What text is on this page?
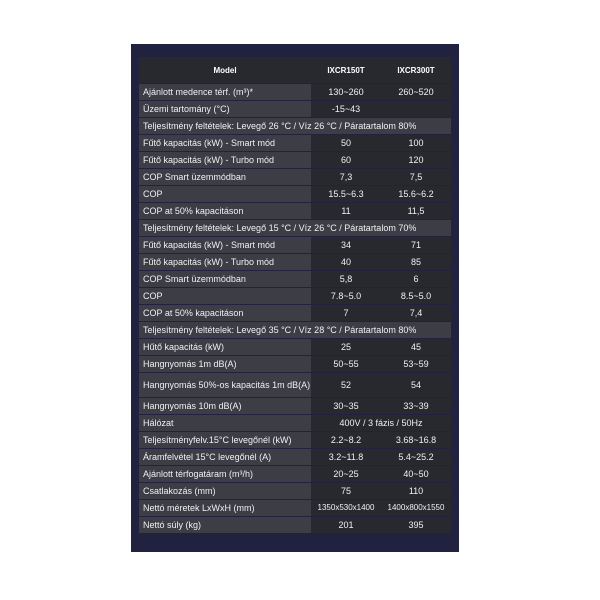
Model	IXCR150T	IXCR300T
Ajánlott medence térf. (m³)*	130~260	260~520
Üzemi tartomány (°C)	-15~43	
Teljesítmény feltételek: Levegő 26 °C / Víz 26 °C / Páratartalom 80%		
Fűtő kapacitás (kW) - Smart mód	50	100
Fűtő kapacitás (kW) - Turbo mód	60	120
COP Smart üzemmódban	7,3	7,5
COP	15.5~6.3	15.6~6.2
COP at 50% kapacitáson	11	11,5
Teljesítmény feltételek: Levegő 15 °C / Víz 26 °C / Páratartalom 70%		
Fűtő kapacitás (kW) - Smart mód	34	71
Fűtő kapacitás (kW) - Turbo mód	40	85
COP Smart üzemmódban	5,8	6
COP	7.8~5.0	8.5~5.0
COP at 50% kapacitáson	7	7,4
Teljesítmény feltételek: Levegő 35 °C / Víz 28 °C / Páratartalom 80%		
Hűtő kapacitás (kW)	25	45
Hangnyomás 1m dB(A)	50~55	53~59
Hangnyomás 50%-os kapacitás 1m dB(A)	52	54
Hangnyomás 10m dB(A)	30~35	33~39
Hálózat	400V / 3 fázis / 50Hz	
Teljesítményfelv.15°C levegőnél (kW)	2.2~8.2	3.68~16.8
Áramfelvétel 15°C levegőnél (A)	3.2~11.8	5.4~25.2
Ajánlott térfogatáram (m³/h)	20~25	40~50
Csatlakozás (mm)	75	110
Nettó méretek LxWxH (mm)	1350x530x1400	1400x800x1550
Nettó súly (kg)	201	395
